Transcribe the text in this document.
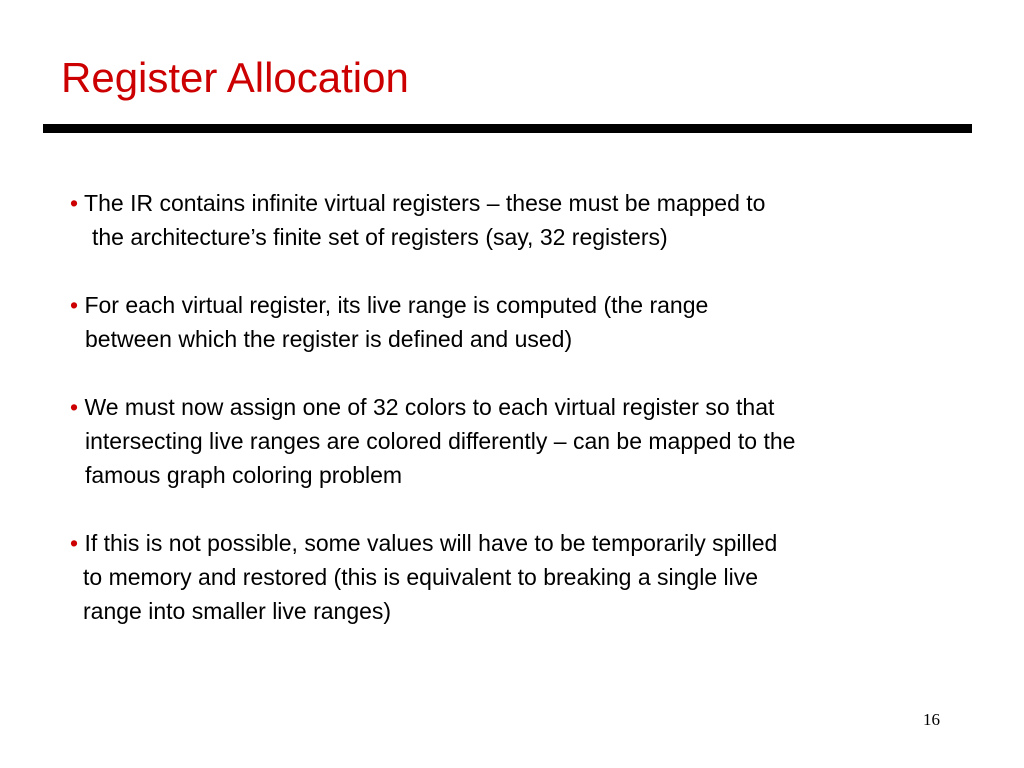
Register Allocation
• The IR contains infinite virtual registers – these must be mapped to
the architecture’s finite set of registers (say, 32 registers)
• For each virtual register, its live range is computed (the range
between which the register is defined and used)
• We must now assign one of 32 colors to each virtual register so that
intersecting live ranges are colored differently – can be mapped to the
famous graph coloring problem
• If this is not possible, some values will have to be temporarily spilled
to memory and restored (this is equivalent to breaking a single live
range into smaller live ranges)
16
